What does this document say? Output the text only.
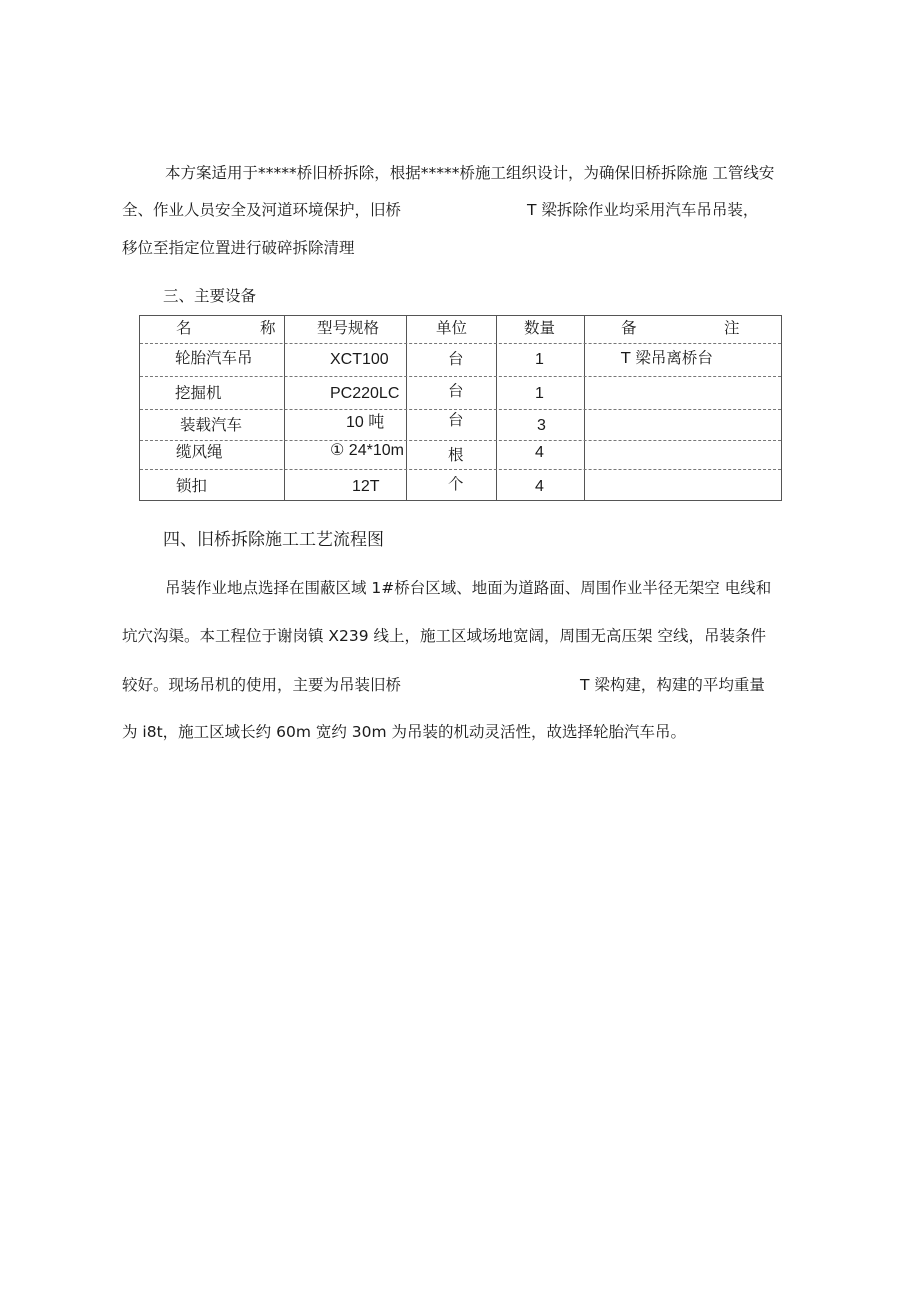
本方案适用于*****桥旧桥拆除，根据*****桥施工组织设计，为确保旧桥拆除施 工管线安
全、作业人员安全及河道环境保护，旧桥	T 梁拆除作业均采用汽车吊吊装，
移位至指定位置进行破碎拆除清理
三、主要设备
名	称	型号规格	单位	数量	备	注
轮胎汽车吊	XCT100	台	1	T 梁吊离桥台
挖掘机	PC220LC	台	1
装载汽车	10 吨	台	3
缆风绳	① 24*10m	根	4
锁扣	12T	个	4
四、旧桥拆除施工工艺流程图
吊装作业地点选择在围蔽区域 1#桥台区域、地面为道路面、周围作业半径无架空 电线和
坑穴沟渠。本工程位于谢岗镇 X239 线上，施工区域场地宽阔，周围无高压架 空线，吊装条件
较好。现场吊机的使用，主要为吊装旧桥	T 梁构建，构建的平均重量
为 i8t，施工区域长约 60m 宽约 30m 为吊装的机动灵活性，故选择轮胎汽车吊。
